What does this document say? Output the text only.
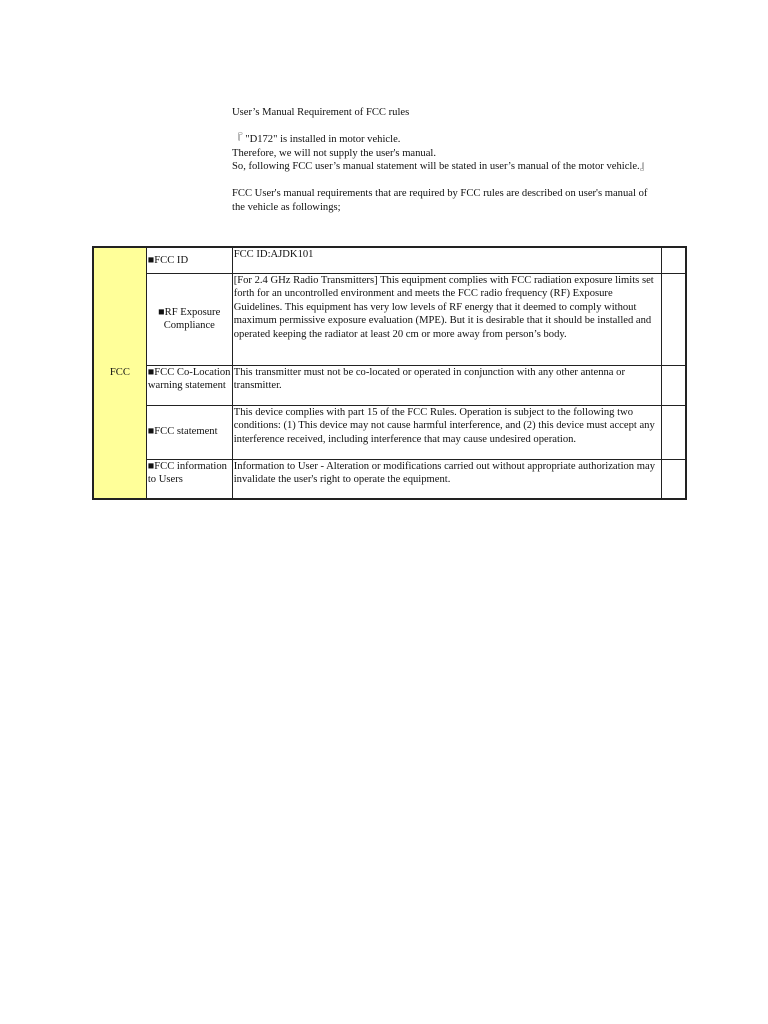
User’s Manual Requirement of FCC rules

『 "D172" is installed in motor vehicle.

Therefore, we will not supply the user's manual.

So, following FCC user’s manual statement will be stated in user’s manual of the motor vehicle.』

FCC User's manual requirements that are required by FCC rules are described on user's manual of the vehicle as followings;

FCC	■FCC ID	FCC ID:AJDK101	
	■RF Exposure Compliance	[For 2.4 GHz Radio Transmitters] This equipment complies with FCC radiation exposure limits set forth for an uncontrolled environment and meets the FCC radio frequency (RF) Exposure Guidelines. This equipment has very low levels of RF energy that it deemed to comply without maximum permissive exposure evaluation (MPE). But it is desirable that it should be installed and operated keeping the radiator at least 20 cm or more away from person’s body.	
	■FCC Co-Location warning statement	This transmitter must not be co-located or operated in conjunction with any other antenna or transmitter.	
	■FCC statement	This device complies with part 15 of the FCC Rules. Operation is subject to the following two conditions: (1) This device may not cause harmful interference, and (2) this device must accept any interference received, including interference that may cause undesired operation.	
	■FCC information to Users	Information to User - Alteration or modifications carried out without appropriate authorization may invalidate the user's right to operate the equipment.	
